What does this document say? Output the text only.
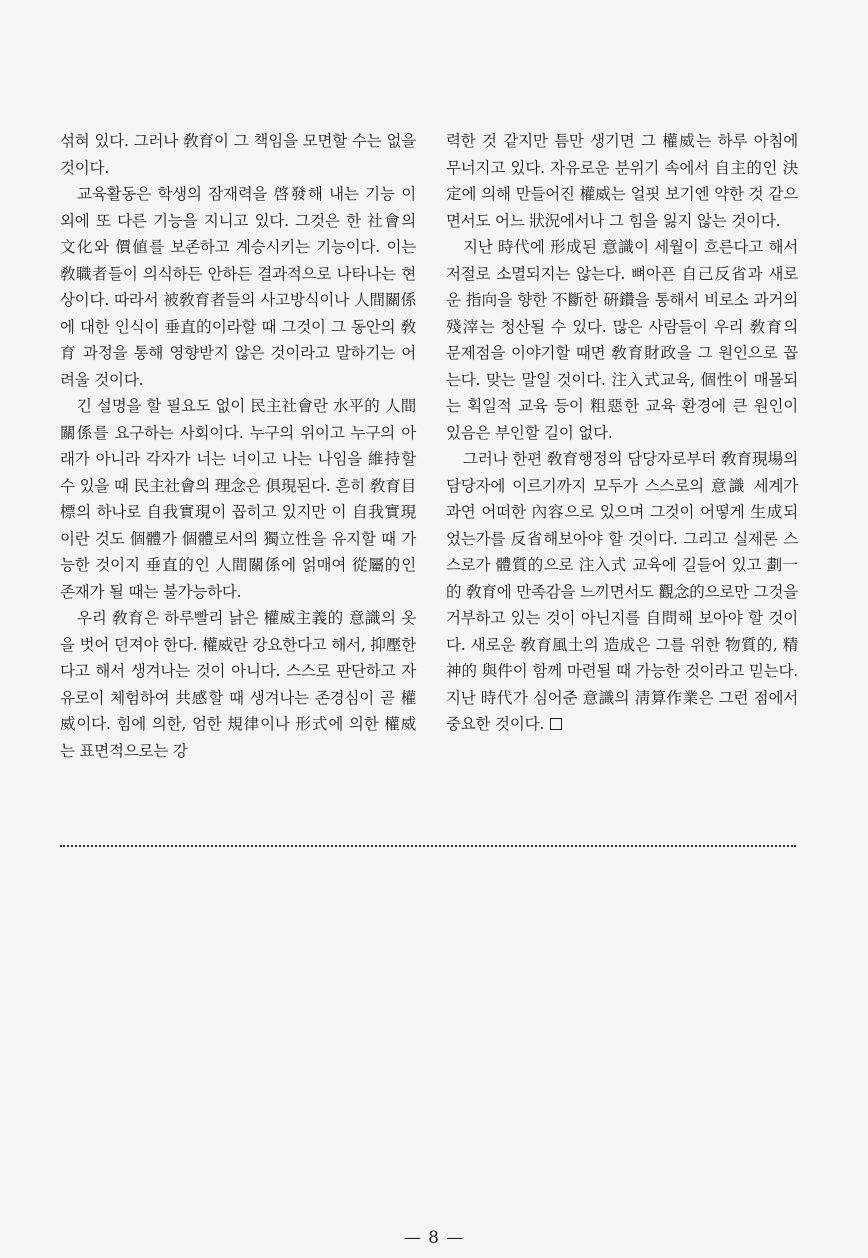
섞혀 있다. 그러나 敎育이 그 책임을 모면할 수는 없을 것이다.

교육활동은 학생의 잠재력을 啓發해 내는 기능 이외에 또 다른 기능을 지니고 있다. 그것은 한 社會의 文化와 價値를 보존하고 계승시키는 기능이다. 이는 敎職者들이 의식하든 안하든 결과적으로 나타나는 현상이다. 따라서 被敎育者들의 사고방식이나 人間關係에 대한 인식이 垂直的이라할 때 그것이 그 동안의 敎育 과정을 통해 영향받지 않은 것이라고 말하기는 어려울 것이다.

긴 설명을 할 필요도 없이 民主社會란 水平的 人間關係를 요구하는 사회이다. 누구의 위이고 누구의 아래가 아니라 각자가 너는 너이고 나는 나임을 維持할 수 있을 때 民主社會의 理念은 俱現된다. 흔히 敎育目標의 하나로 自我實現이 꼽히고 있지만 이 自我實現이란 것도 個體가 個體로서의 獨立性을 유지할 때 가능한 것이지 垂直的인 人間關係에 얽매여 從屬的인 존재가 될 때는 불가능하다.

우리 敎育은 하루빨리 낡은 權威主義的 意識의 옷을 벗어 던져야 한다. 權威란 강요한다고 해서, 抑壓한다고 해서 생겨나는 것이 아니다. 스스로 판단하고 자유로이 체험하여 共感할 때 생겨나는 존경심이 곧 權威이다. 힘에 의한, 엄한 規律이나 形式에 의한 權威는 표면적으로는 강

력한 것 같지만 틈만 생기면 그 權威는 하루 아침에 무너지고 있다. 자유로운 분위기 속에서 自主的인 決定에 의해 만들어진 權威는 얼핏 보기엔 약한 것 같으면서도 어느 狀況에서나 그 힘을 잃지 않는 것이다.

지난 時代에 形成된 意識이 세월이 흐른다고 해서 저절로 소멸되지는 않는다. 뼈아픈 自己反省과 새로운 指向을 향한 不斷한 硏鑽을 통해서 비로소 과거의 殘滓는 청산될 수 있다. 많은 사람들이 우리 敎育의 문제점을 이야기할 때면 敎育財政을 그 원인으로 꼽는다. 맞는 말일 것이다. 注入式교육, 個性이 매몰되는 획일적 교육 등이 粗惡한 교육 환경에 큰 원인이 있음은 부인할 길이 없다.

그러나 한편 敎育행정의 담당자로부터 敎育現場의 담당자에 이르기까지 모두가 스스로의 意識 세계가 과연 어떠한 內容으로 있으며 그것이 어떻게 生成되었는가를 反省해보아야 할 것이다. 그리고 실제론 스스로가 體質的으로 注入式 교육에 길들어 있고 劃一的 敎育에 만족감을 느끼면서도 觀念的으로만 그것을 거부하고 있는 것이 아닌지를 自問해 보아야 할 것이다. 새로운 敎育風土의 造成은 그를 위한 物質的, 精神的 與件이 함께 마련될 때 가능한 것이라고 믿는다. 지난 時代가 심어준 意識의 淸算作業은 그런 점에서 중요한 것이다.

— 8 —
